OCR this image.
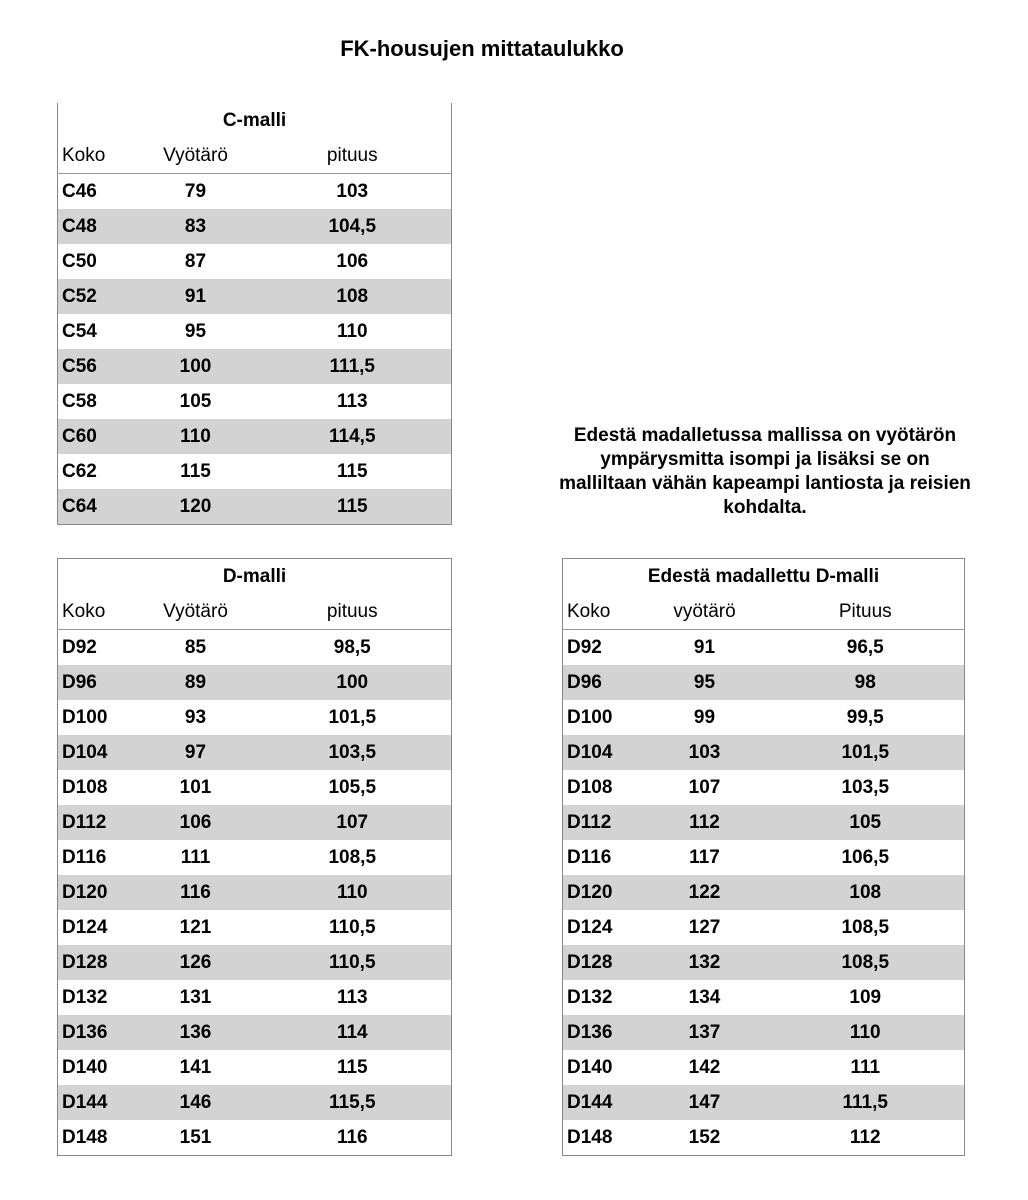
FK-housujen mittataulukko
C-malli		
Koko	Vyötärö	pituus
C46	79	103
C48	83	104,5
C50	87	106
C52	91	108
C54	95	110
C56	100	111,5
C58	105	113
C60	110	114,5
C62	115	115
C64	120	115

Edestä madalletussa mallissa on vyötärön ympärysmitta isompi ja lisäksi se on malliltaan vähän kapeampi lantiosta ja reisien kohdalta.

D-malli		
Koko	Vyötärö	pituus
D92	85	98,5
D96	89	100
D100	93	101,5
D104	97	103,5
D108	101	105,5
D112	106	107
D116	111	108,5
D120	116	110
D124	121	110,5
D128	126	110,5
D132	131	113
D136	136	114
D140	141	115
D144	146	115,5
D148	151	116
Edestä madallettu D-malli		
Koko	vyötärö	Pituus
D92	91	96,5
D96	95	98
D100	99	99,5
D104	103	101,5
D108	107	103,5
D112	112	105
D116	117	106,5
D120	122	108
D124	127	108,5
D128	132	108,5
D132	134	109
D136	137	110
D140	142	111
D144	147	111,5
D148	152	112
